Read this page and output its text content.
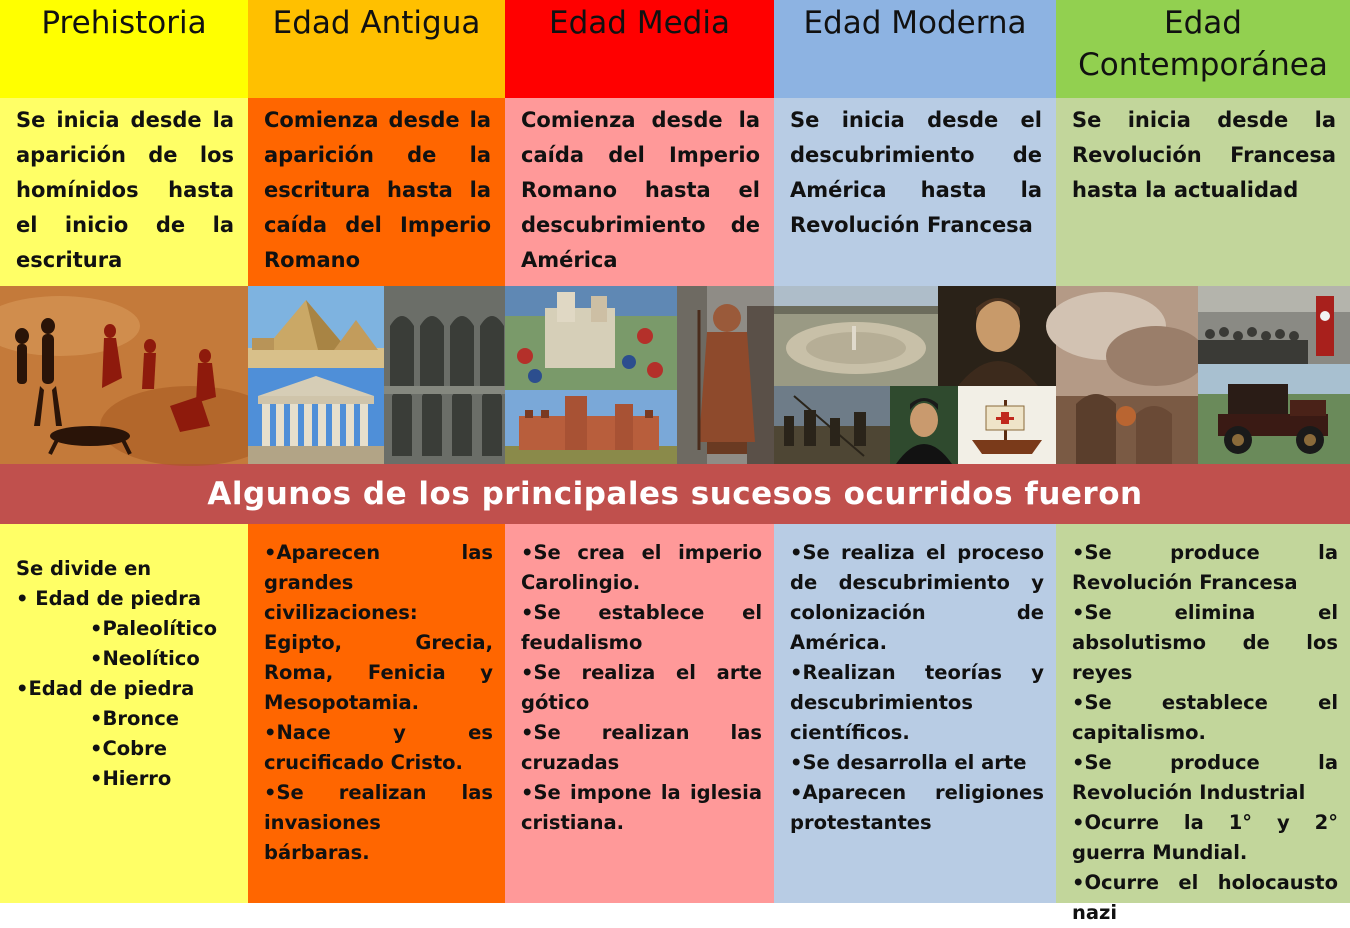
Prehistoria Edad Antigua Edad Media Edad Moderna	Edad Contemporánea

Se inicia desde la aparición de los homínidos hasta el inicio de la escritura

Comienza desde la aparición de la escritura hasta la caída del Imperio Romano

Comienza desde la caída del Imperio Romano hasta el descubrimiento de América

Se inicia desde el descubrimiento de América hasta la Revolución Francesa

Se inicia desde la Revolución Francesa hasta la actualidad

Algunos de los principales sucesos ocurridos fueron

Se divide en

• Edad de piedra

•Paleolítico

•Neolítico

•Edad de piedra

•Bronce

•Cobre

•Hierro

•Aparecen las grandes civilizaciones: Egipto, Grecia, Roma, Fenicia y Mesopotamia.

•Nace y es crucificado Cristo.

•Se realizan las invasiones bárbaras.

•Se crea el imperio Carolingio.

•Se establece el feudalismo

•Se realiza el arte gótico

•Se realizan las cruzadas

•Se impone la iglesia cristiana.

•Se realiza el proceso de descubrimiento y colonización de América.

•Realizan teorías y descubrimientos científicos.

•Se desarrolla el arte

•Aparecen religiones protestantes

•Se produce la Revolución Francesa

•Se elimina el absolutismo de los reyes

•Se establece el capitalismo.

•Se produce la Revolución Industrial

•Ocurre la 1° y 2° guerra Mundial.

•Ocurre el holocausto nazi
